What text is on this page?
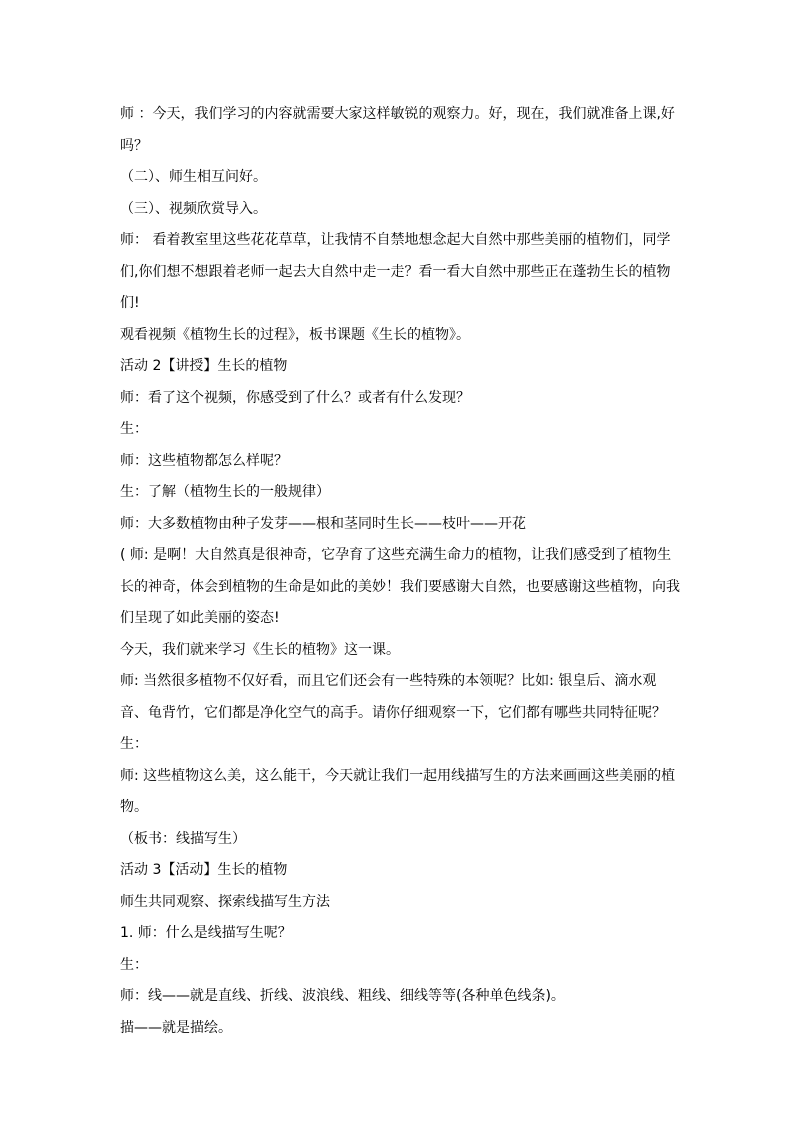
师 ：今天，我们学习的内容就需要大家这样敏锐的观察力。好，现在，我们就准备上课,好吗？

（二）、师生相互问好。

（三）、视频欣赏导入。

师： 看着教室里这些花花草草，让我情不自禁地想念起大自然中那些美丽的植物们，同学们,你们想不想跟着老师一起去大自然中走一走？看一看大自然中那些正在蓬勃生长的植物们!

观看视频《植物生长的过程》，板书课题《生长的植物》。

活动 2【讲授】生长的植物

师：看了这个视频，你感受到了什么？或者有什么发现？

生：

师：这些植物都怎么样呢？

生：了解（植物生长的一般规律）

师：大多数植物由种子发芽——根和茎同时生长——枝叶——开花

( 师: 是啊！大自然真是很神奇，它孕育了这些充满生命力的植物，让我们感受到了植物生长的神奇，体会到植物的生命是如此的美妙！我们要感谢大自然，也要感谢这些植物，向我们呈现了如此美丽的姿态!

今天，我们就来学习《生长的植物》这一课。

师: 当然很多植物不仅好看，而且它们还会有一些特殊的本领呢？比如: 银皇后、滴水观音、龟背竹，它们都是净化空气的高手。请你仔细观察一下，它们都有哪些共同特征呢？

生：

师: 这些植物这么美，这么能干，今天就让我们一起用线描写生的方法来画画这些美丽的植物。

（板书：线描写生）

活动 3【活动】生长的植物

师生共同观察、探索线描写生方法

1. 师：什么是线描写生呢？

生：

师：线——就是直线、折线、波浪线、粗线、细线等等(各种单色线条)。

描——就是描绘。
